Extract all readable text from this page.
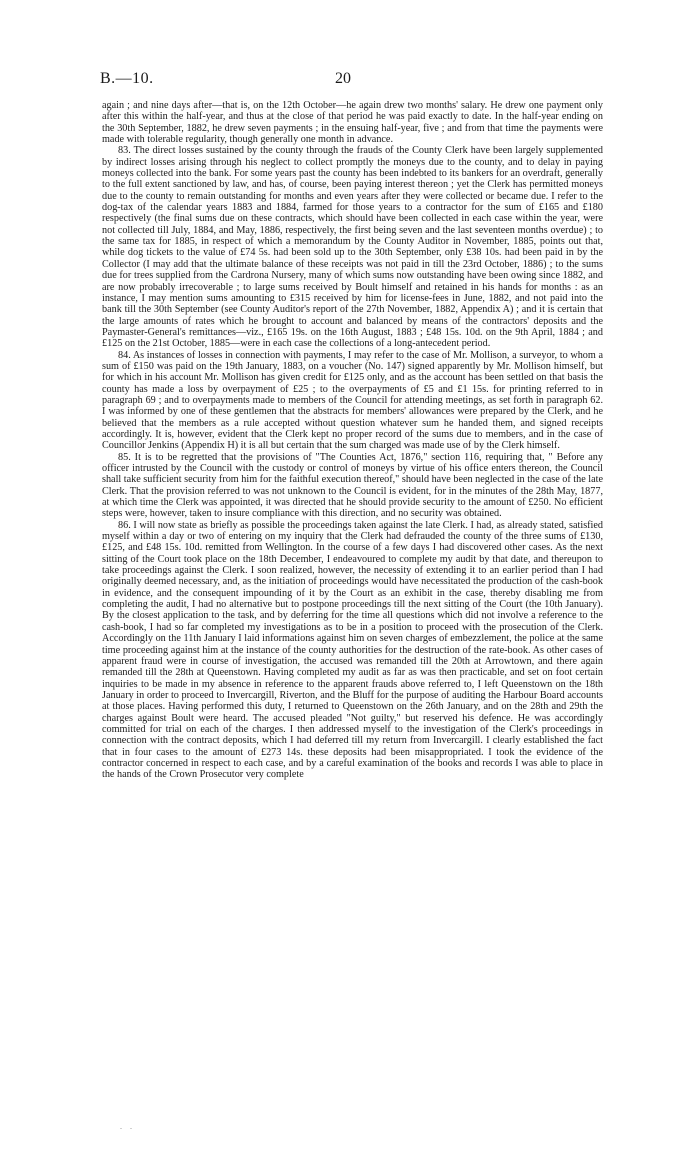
B.—10.	20

again ; and nine days after—that is, on the 12th October—he again drew two months' salary. He drew one payment only after this within the half-year, and thus at the close of that period he was paid exactly to date. In the half-year ending on the 30th September, 1882, he drew seven payments ; in the ensuing half-year, five ; and from that time the payments were made with tolerable regularity, though generally one month in advance.

83. The direct losses sustained by the county through the frauds of the County Clerk have been largely supplemented by indirect losses arising through his neglect to collect promptly the moneys due to the county, and to delay in paying moneys collected into the bank. For some years past the county has been indebted to its bankers for an overdraft, generally to the full extent sanctioned by law, and has, of course, been paying interest thereon ; yet the Clerk has permitted moneys due to the county to remain outstanding for months and even years after they were collected or became due. I refer to the dog-tax of the calendar years 1883 and 1884, farmed for those years to a contractor for the sum of £165 and £180 respectively (the final sums due on these contracts, which should have been collected in each case within the year, were not collected till July, 1884, and May, 1886, respectively, the first being seven and the last seventeen months overdue) ; to the same tax for 1885, in respect of which a memorandum by the County Auditor in November, 1885, points out that, while dog tickets to the value of £74 5s. had been sold up to the 30th September, only £38 10s. had been paid in by the Collector (I may add that the ultimate balance of these receipts was not paid in till the 23rd October, 1886) ; to the sums due for trees supplied from the Cardrona Nursery, many of which sums now outstanding have been owing since 1882, and are now probably irrecoverable ; to large sums received by Boult himself and retained in his hands for months : as an instance, I may mention sums amounting to £315 received by him for license-fees in June, 1882, and not paid into the bank till the 30th September (see County Auditor's report of the 27th November, 1882, Appendix A) ; and it is certain that the large amounts of rates which he brought to account and balanced by means of the contractors' deposits and the Paymaster-General's remittances—viz., £165 19s. on the 16th August, 1883 ; £48 15s. 10d. on the 9th April, 1884 ; and £125 on the 21st October, 1885—were in each case the collections of a long-antecedent period.

84. As instances of losses in connection with payments, I may refer to the case of Mr. Mollison, a surveyor, to whom a sum of £150 was paid on the 19th January, 1883, on a voucher (No. 147) signed apparently by Mr. Mollison himself, but for which in his account Mr. Mollison has given credit for £125 only, and as the account has been settled on that basis the county has made a loss by overpayment of £25 ; to the overpayments of £5 and £1 15s. for printing referred to in paragraph 69 ; and to overpayments made to members of the Council for attending meetings, as set forth in paragraph 62. I was informed by one of these gentlemen that the abstracts for members' allowances were prepared by the Clerk, and he believed that the members as a rule accepted without question whatever sum he handed them, and signed receipts accordingly. It is, however, evident that the Clerk kept no proper record of the sums due to members, and in the case of Councillor Jenkins (Appendix H) it is all but certain that the sum charged was made use of by the Clerk himself.

85. It is to be regretted that the provisions of "The Counties Act, 1876," section 116, requiring that, " Before any officer intrusted by the Council with the custody or control of moneys by virtue of his office enters thereon, the Council shall take sufficient security from him for the faithful execution thereof," should have been neglected in the case of the late Clerk. That the provision referred to was not unknown to the Council is evident, for in the minutes of the 28th May, 1877, at which time the Clerk was appointed, it was directed that he should provide security to the amount of £250. No efficient steps were, however, taken to insure compliance with this direction, and no security was obtained.

86. I will now state as briefly as possible the proceedings taken against the late Clerk. I had, as already stated, satisfied myself within a day or two of entering on my inquiry that the Clerk had defrauded the county of the three sums of £130, £125, and £48 15s. 10d. remitted from Wellington. In the course of a few days I had discovered other cases. As the next sitting of the Court took place on the 18th December, I endeavoured to complete my audit by that date, and thereupon to take proceedings against the Clerk. I soon realized, however, the necessity of extending it to an earlier period than I had originally deemed necessary, and, as the initiation of proceedings would have necessitated the production of the cash-book in evidence, and the consequent impounding of it by the Court as an exhibit in the case, thereby disabling me from completing the audit, I had no alternative but to postpone proceedings till the next sitting of the Court (the 10th January). By the closest application to the task, and by deferring for the time all questions which did not involve a reference to the cash-book, I had so far completed my investigations as to be in a position to proceed with the prosecution of the Clerk. Accordingly on the 11th January I laid informations against him on seven charges of embezzlement, the police at the same time proceeding against him at the instance of the county authorities for the destruction of the rate-book. As other cases of apparent fraud were in course of investigation, the accused was remanded till the 20th at Arrowtown, and there again remanded till the 28th at Queenstown. Having completed my audit as far as was then practicable, and set on foot certain inquiries to be made in my absence in reference to the apparent frauds above referred to, I left Queenstown on the 18th January in order to proceed to Invercargill, Riverton, and the Bluff for the purpose of auditing the Harbour Board accounts at those places. Having performed this duty, I returned to Queenstown on the 26th January, and on the 28th and 29th the charges against Boult were heard. The accused pleaded "Not guilty," but reserved his defence. He was accordingly committed for trial on each of the charges. I then addressed myself to the investigation of the Clerk's proceedings in connection with the contract deposits, which I had deferred till my return from Invercargill. I clearly established the fact that in four cases to the amount of £273 14s. these deposits had been misappropriated. I took the evidence of the contractor concerned in respect to each case, and by a careful examination of the books and records I was able to place in the hands of the Crown Prosecutor very complete

. .
